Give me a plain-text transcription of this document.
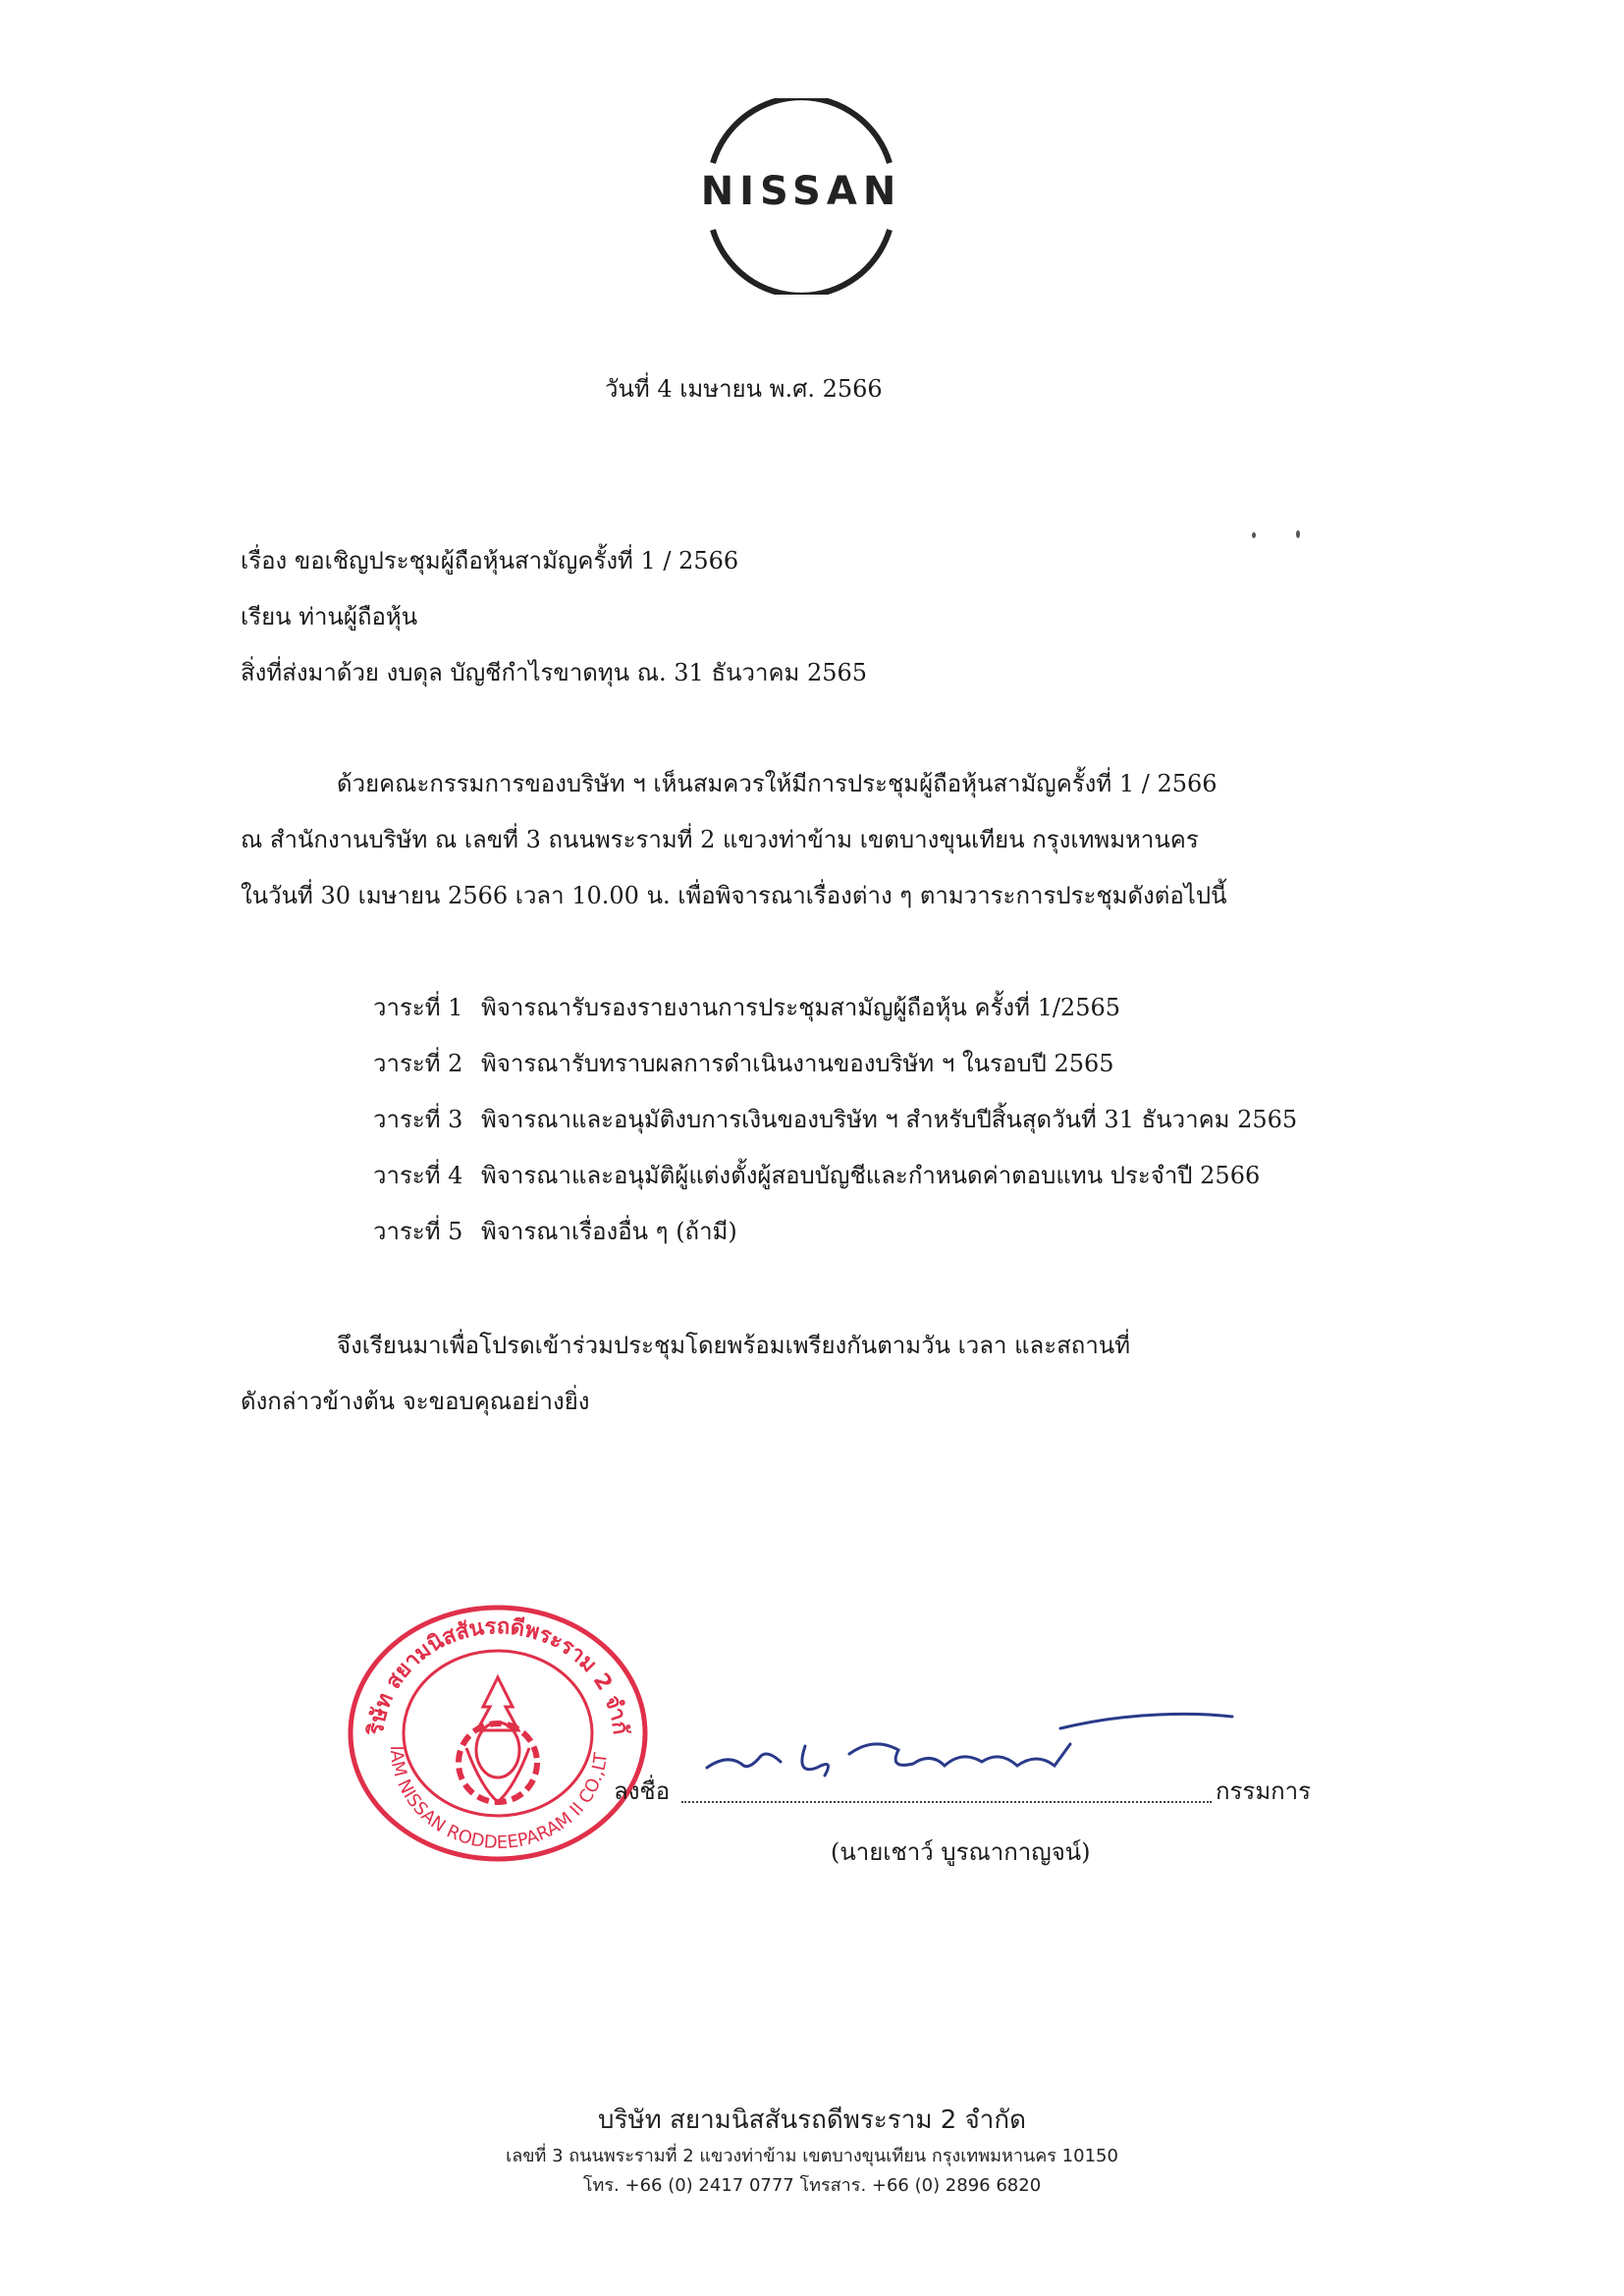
NISSAN
วันที่ 4 เมษายน พ.ศ. 2566
เรื่อง ขอเชิญประชุมผู้ถือหุ้นสามัญครั้งที่ 1 / 2566
เรียน ท่านผู้ถือหุ้น
สิ่งที่ส่งมาด้วย งบดุล บัญชีกำไรขาดทุน ณ. 31 ธันวาคม 2565
ด้วยคณะกรรมการของบริษัท ฯ เห็นสมควรให้มีการประชุมผู้ถือหุ้นสามัญครั้งที่ 1 / 2566
ณ สำนักงานบริษัท ณ เลขที่ 3 ถนนพระรามที่ 2 แขวงท่าข้าม เขตบางขุนเทียน กรุงเทพมหานคร
ในวันที่ 30 เมษายน 2566 เวลา 10.00 น. เพื่อพิจารณาเรื่องต่าง ๆ ตามวาระการประชุมดังต่อไปนี้
วาระที่ 1 พิจารณารับรองรายงานการประชุมสามัญผู้ถือหุ้น ครั้งที่ 1/2565
วาระที่ 2 พิจารณารับทราบผลการดำเนินงานของบริษัท ฯ ในรอบปี 2565
วาระที่ 3 พิจารณาและอนุมัติงบการเงินของบริษัท ฯ สำหรับปีสิ้นสุดวันที่ 31 ธันวาคม 2565
วาระที่ 4 พิจารณาและอนุมัติผู้แต่งตั้งผู้สอบบัญชีและกำหนดค่าตอบแทน ประจำปี 2566
วาระที่ 5 พิจารณาเรื่องอื่น ๆ (ถ้ามี)
จึงเรียนมาเพื่อโปรดเข้าร่วมประชุมโดยพร้อมเพรียงกันตามวัน เวลา และสถานที่
ดังกล่าวข้างต้น จะขอบคุณอย่างยิ่ง
ริษัท สยามนิสสันรถดีพระราม 2 จำกั
IAM NISSAN RODDEEPARAM II CO.,LT
ลงชื่อ	กรรมการ
(นายเชาว์ บูรณากาญจน์)
บริษัท สยามนิสสันรถดีพระราม 2 จำกัด
เลขที่ 3 ถนนพระรามที่ 2 แขวงท่าข้าม เขตบางขุนเทียน กรุงเทพมหานคร 10150
โทร. +66 (0) 2417 0777 โทรสาร. +66 (0) 2896 6820
